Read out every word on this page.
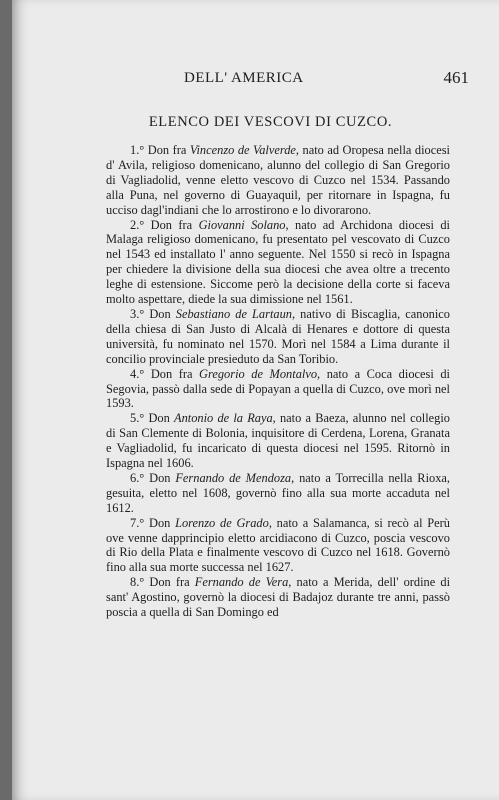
DELL' AMERICA	461
ELENCO DEI VESCOVI DI CUZCO.

1.° Don fra Vincenzo de Valverde, nato ad Oropesa nella diocesi d' Avila, religioso domenicano, alunno del collegio di San Gregorio di Vagliadolid, venne eletto vescovo di Cuzco nel 1534. Passando alla Puna, nel governo di Guayaquil, per ritornare in Ispagna, fu ucciso dagl'indiani che lo arrostirono e lo divorarono.

2.° Don fra Giovanni Solano, nato ad Archidona diocesi di Malaga religioso domenicano, fu presentato pel vescovato di Cuzco nel 1543 ed installato l' anno seguente. Nel 1550 si recò in Ispagna per chiedere la divisione della sua diocesi che avea oltre a trecento leghe di estensione. Siccome però la decisione della corte si faceva molto aspettare, diede la sua dimissione nel 1561.

3.° Don Sebastiano de Lartaun, nativo di Biscaglia, canonico della chiesa di San Justo di Alcalà di Henares e dottore di questa università, fu nominato nel 1570. Morì nel 1584 a Lima durante il concilio provinciale presieduto da San Toribio.

4.° Don fra Gregorio de Montalvo, nato a Coca diocesi di Segovia, passò dalla sede di Popayan a quella di Cuzco, ove morì nel 1593.

5.° Don Antonio de la Raya, nato a Baeza, alunno nel collegio di San Clemente di Bolonia, inquisitore di Cerdena, Lorena, Granata e Vagliadolid, fu incaricato di questa diocesi nel 1595. Ritornò in Ispagna nel 1606.

6.° Don Fernando de Mendoza, nato a Torrecilla nella Rioxa, gesuita, eletto nel 1608, governò fino alla sua morte accaduta nel 1612.

7.° Don Lorenzo de Grado, nato a Salamanca, si recò al Perù ove venne dapprincipio eletto arcidiacono di Cuzco, poscia vescovo di Rio della Plata e finalmente vescovo di Cuzco nel 1618. Governò fino alla sua morte successa nel 1627.

8.° Don fra Fernando de Vera, nato a Merida, dell' ordine di sant' Agostino, governò la diocesi di Badajoz durante tre anni, passò poscia a quella di San Domingo ed
